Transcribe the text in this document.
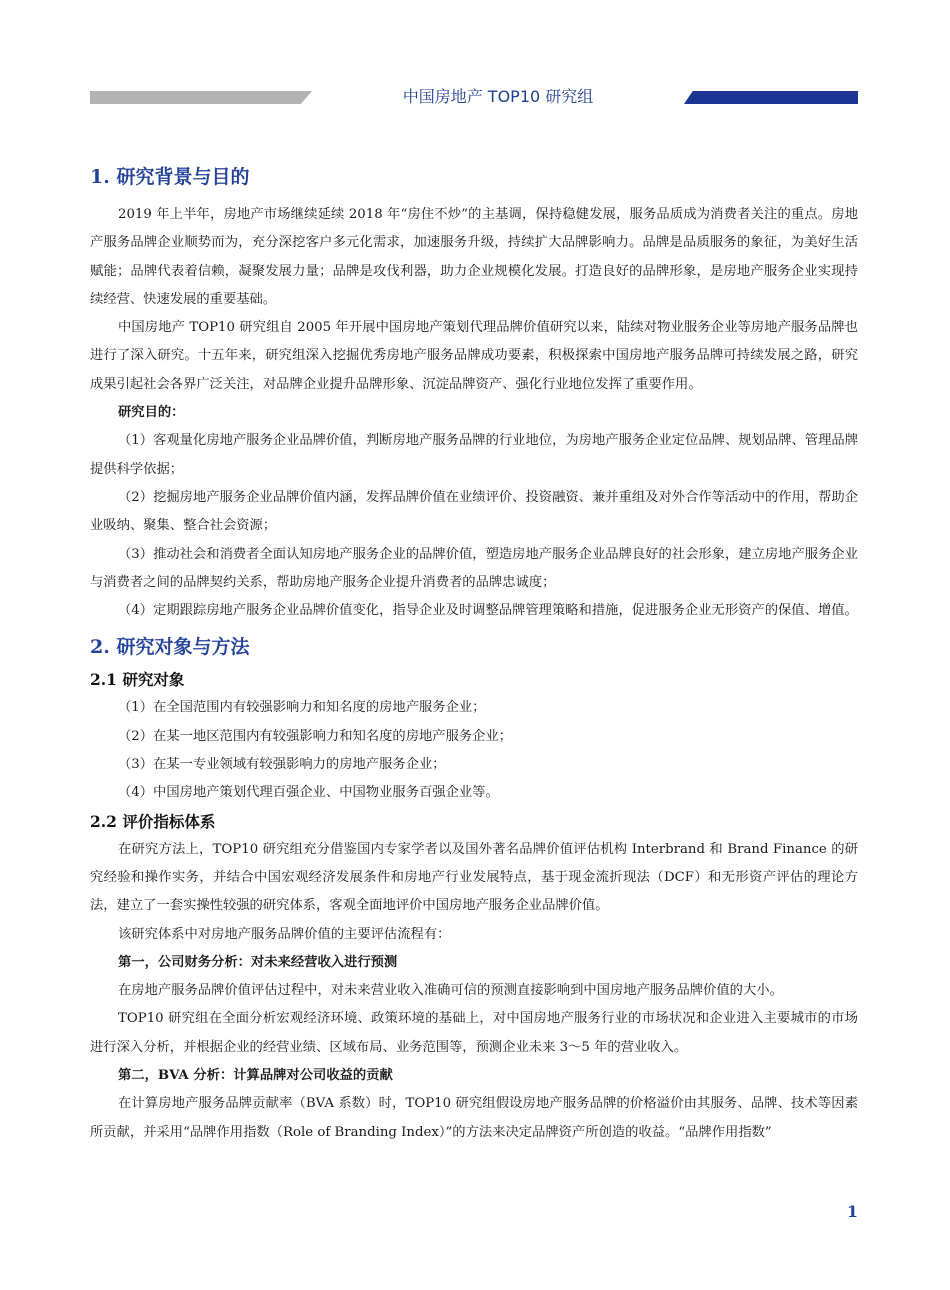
中国房地产 TOP10 研究组
1. 研究背景与目的

2019 年上半年，房地产市场继续延续 2018 年“房住不炒”的主基调，保持稳健发展，服务品质成为消费者关注的重点。房地产服务品牌企业顺势而为，充分深挖客户多元化需求，加速服务升级，持续扩大品牌影响力。品牌是品质服务的象征，为美好生活赋能；品牌代表着信赖，凝聚发展力量；品牌是攻伐利器，助力企业规模化发展。打造良好的品牌形象，是房地产服务企业实现持续经营、快速发展的重要基础。

中国房地产 TOP10 研究组自 2005 年开展中国房地产策划代理品牌价值研究以来，陆续对物业服务企业等房地产服务品牌也进行了深入研究。十五年来，研究组深入挖掘优秀房地产服务品牌成功要素，积极探索中国房地产服务品牌可持续发展之路，研究成果引起社会各界广泛关注，对品牌企业提升品牌形象、沉淀品牌资产、强化行业地位发挥了重要作用。

研究目的：

（1）客观量化房地产服务企业品牌价值，判断房地产服务品牌的行业地位，为房地产服务企业定位品牌、规划品牌、管理品牌提供科学依据；

（2）挖掘房地产服务企业品牌价值内涵，发挥品牌价值在业绩评价、投资融资、兼并重组及对外合作等活动中的作用，帮助企业吸纳、聚集、整合社会资源；

（3）推动社会和消费者全面认知房地产服务企业的品牌价值，塑造房地产服务企业品牌良好的社会形象，建立房地产服务企业与消费者之间的品牌契约关系，帮助房地产服务企业提升消费者的品牌忠诚度；

（4）定期跟踪房地产服务企业品牌价值变化，指导企业及时调整品牌管理策略和措施，促进服务企业无形资产的保值、增值。

2. 研究对象与方法
2.1 研究对象

（1）在全国范围内有较强影响力和知名度的房地产服务企业；

（2）在某一地区范围内有较强影响力和知名度的房地产服务企业；

（3）在某一专业领域有较强影响力的房地产服务企业；

（4）中国房地产策划代理百强企业、中国物业服务百强企业等。

2.2 评价指标体系

在研究方法上，TOP10 研究组充分借鉴国内专家学者以及国外著名品牌价值评估机构 Interbrand 和 Brand Finance 的研究经验和操作实务，并结合中国宏观经济发展条件和房地产行业发展特点，基于现金流折现法（DCF）和无形资产评估的理论方法，建立了一套实操性较强的研究体系，客观全面地评价中国房地产服务企业品牌价值。

该研究体系中对房地产服务品牌价值的主要评估流程有：

第一，公司财务分析：对未来经营收入进行预测

在房地产服务品牌价值评估过程中，对未来营业收入准确可信的预测直接影响到中国房地产服务品牌价值的大小。

TOP10 研究组在全面分析宏观经济环境、政策环境的基础上，对中国房地产服务行业的市场状况和企业进入主要城市的市场进行深入分析，并根据企业的经营业绩、区域布局、业务范围等，预测企业未来 3～5 年的营业收入。

第二，BVA 分析：计算品牌对公司收益的贡献

在计算房地产服务品牌贡献率（BVA 系数）时，TOP10 研究组假设房地产服务品牌的价格溢价由其服务、品牌、技术等因素所贡献，并采用“品牌作用指数（Role of Branding Index）”的方法来决定品牌资产所创造的收益。“品牌作用指数”

1
